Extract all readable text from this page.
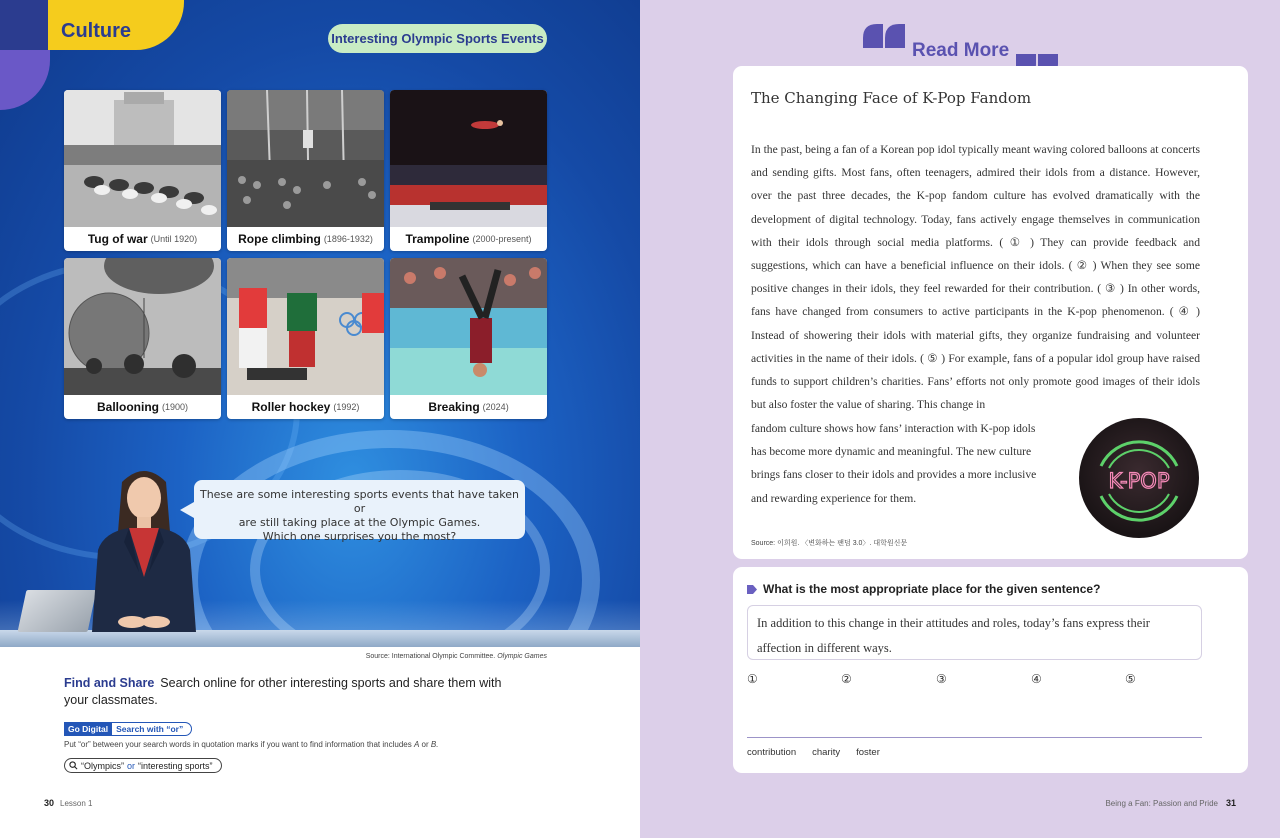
Culture	Interesting Olympic Sports Events
Tug of war (Until 1920)	Rope climbing (1896-1932)	Trampoline (2000-present)
Ballooning (1900)	Roller hockey (1992)	Breaking (2024)
These are some interesting sports events that have taken or
are still taking place at the Olympic Games.
Which one surprises you the most?
Source: International Olympic Committee. Olympic Games
Find and Share Search online for other interesting sports and share them with your classmates.
Go Digital Search with “or”
Put “or” between your search words in quotation marks if you want to find information that includes A or B.
“Olympics” or “interesting sports”
30 Lesson 1
Read More
The Changing Face of K-Pop Fandom
In the past, being a fan of a Korean pop idol typically meant waving colored balloons at concerts and sending gifts. Most fans, often teenagers, admired their idols from a distance. However, over the past three decades, the K-pop fandom culture has evolved dramatically with the development of digital technology. Today, fans actively engage themselves in communication with their idols through social media platforms. ( ① ) They can provide feedback and suggestions, which can have a beneficial influence on their idols. ( ② ) When they see some positive changes in their idols, they feel rewarded for their contribution. ( ③ ) In other words, fans have changed from consumers to active participants in the K-pop phenomenon. ( ④ ) Instead of showering their idols with material gifts, they organize fundraising and volunteer activities in the name of their idols. ( ⑤ ) For example, fans of a popular idol group have raised funds to support children’s charities. Fans’ efforts not only promote good images of their idols but also foster the value of sharing. This change in
fandom culture shows how fans’ interaction with K-pop idols
has become more dynamic and meaningful. The new culture
brings fans closer to their idols and provides a more inclusive
and rewarding experience for them.
K-POP
Source: 이희원. 〈변화하는 팬덤 3.0〉. 대학원신문
What is the most appropriate place for the given sentence?
In addition to this change in their attitudes and roles, today’s fans express their affection in different ways.
①	②	③	④	⑤
contribution charity foster
Being a Fan: Passion and Pride 31
